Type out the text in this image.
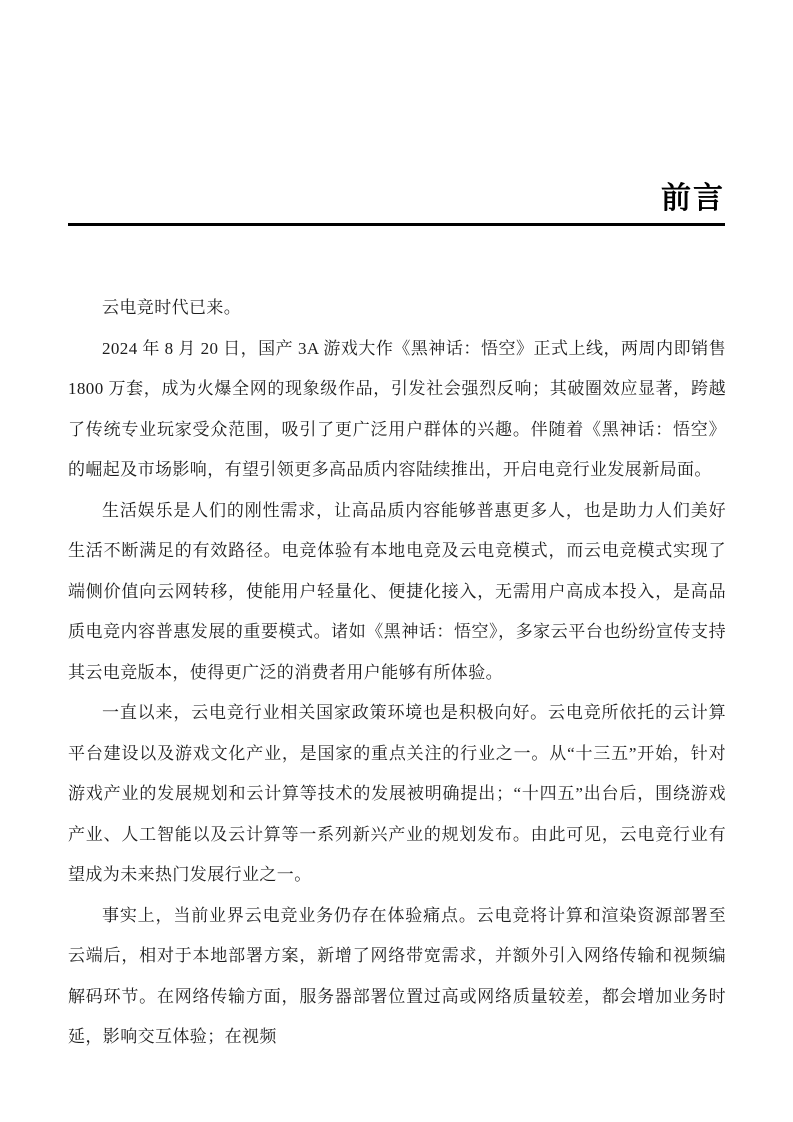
前言

云电竞时代已来。

2024 年 8 月 20 日，国产 3A 游戏大作《黑神话：悟空》正式上线，两周内即销售 1800 万套，成为火爆全网的现象级作品，引发社会强烈反响；其破圈效应显著，跨越了传统专业玩家受众范围，吸引了更广泛用户群体的兴趣。伴随着《黑神话：悟空》的崛起及市场影响，有望引领更多高品质内容陆续推出，开启电竞行业发展新局面。

生活娱乐是人们的刚性需求，让高品质内容能够普惠更多人，也是助力人们美好生活不断满足的有效路径。电竞体验有本地电竞及云电竞模式，而云电竞模式实现了端侧价值向云网转移，使能用户轻量化、便捷化接入，无需用户高成本投入，是高品质电竞内容普惠发展的重要模式。诸如《黑神话：悟空》，多家云平台也纷纷宣传支持其云电竞版本，使得更广泛的消费者用户能够有所体验。

一直以来，云电竞行业相关国家政策环境也是积极向好。云电竞所依托的云计算平台建设以及游戏文化产业，是国家的重点关注的行业之一。从“十三五”开始，针对游戏产业的发展规划和云计算等技术的发展被明确提出；“十四五”出台后，围绕游戏产业、人工智能以及云计算等一系列新兴产业的规划发布。由此可见，云电竞行业有望成为未来热门发展行业之一。

事实上，当前业界云电竞业务仍存在体验痛点。云电竞将计算和渲染资源部署至云端后，相对于本地部署方案，新增了网络带宽需求，并额外引入网络传输和视频编解码环节。在网络传输方面，服务器部署位置过高或网络质量较差，都会增加业务时延，影响交互体验；在视频
